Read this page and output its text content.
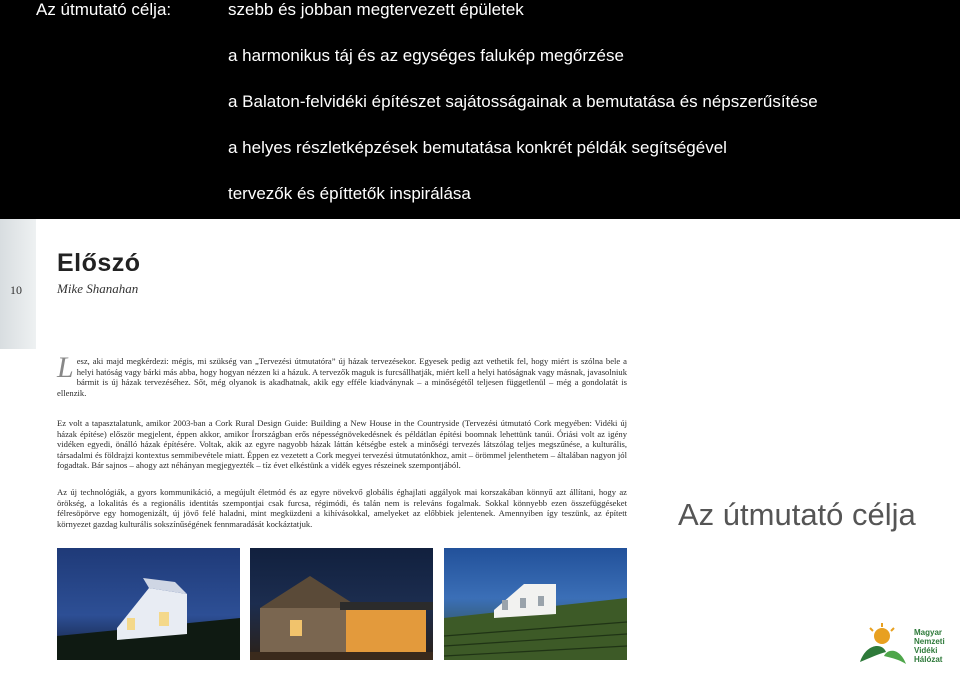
Az útmutató célja:	szebb és jobban megtervezett épületek
a harmonikus táj és az egységes falukép megőrzése
a Balaton-felvidéki építészet sajátosságainak a bemutatása és népszerűsítése
a helyes részletképzések bemutatása konkrét példák segítségével
tervezők és építtetők inspirálása
10
Előszó
Mike Shanahan

L esz, aki majd megkérdezi: mégis, mi szükség van „Tervezési útmutatóra” új házak tervezésekor. Egyesek pedig azt vethetik fel, hogy miért is szólna bele a helyi hatóság vagy bárki más abba, hogy hogyan nézzen ki a házuk. A tervezők maguk is furcsállhatják, miért kell a helyi hatóságnak vagy másnak, javasolniuk bármit is új házak tervezéséhez. Sőt, még olyanok is akadhatnak, akik egy efféle kiadványnak – a minőségétől teljesen függetlenül – még a gondolatát is ellenzik.

Ez volt a tapasztalatunk, amikor 2003-ban a Cork Rural Design Guide: Building a New House in the Countryside (Tervezési útmutató Cork megyében: Vidéki új házak építése) először megjelent, éppen akkor, amikor Írországban erős népességnövekedésnek és példátlan építési boomnak lehettünk tanúi. Óriási volt az igény vidéken egyedi, önálló házak építésére. Voltak, akik az egyre nagyobb házak láttán kétségbe estek a minőségi tervezés látszólag teljes megszűnése, a kulturális, társadalmi és földrajzi kontextus semmibevétele miatt. Éppen ez vezetett a Cork megyei tervezési útmutatónkhoz, amit – örömmel jelenthetem – általában nagyon jól fogadtak. Bár sajnos – ahogy azt néhányan megjegyezték – tíz évet elkéstünk a vidék egyes részeinek szempontjából.

Az új technológiák, a gyors kommunikáció, a megújult életmód és az egyre növekvő globális éghajlati aggályok mai korszakában könnyű azt állítani, hogy az örökség, a lokalitás és a regionális identitás szempontjai csak furcsa, régimódi, és talán nem is releváns fogalmak. Sokkal könnyebb ezen összefüggéseket félresöpörve egy homogenizált, új jövő felé haladni, mint megküzdeni a kihívásokkal, amelyeket az előbbiek jelentenek. Amennyiben így teszünk, az épített környezet gazdag kulturális sokszínűségének fennmaradását kockáztatjuk.	Az útmutató célja
Magyar
Nemzeti
Vidéki
Hálózat
